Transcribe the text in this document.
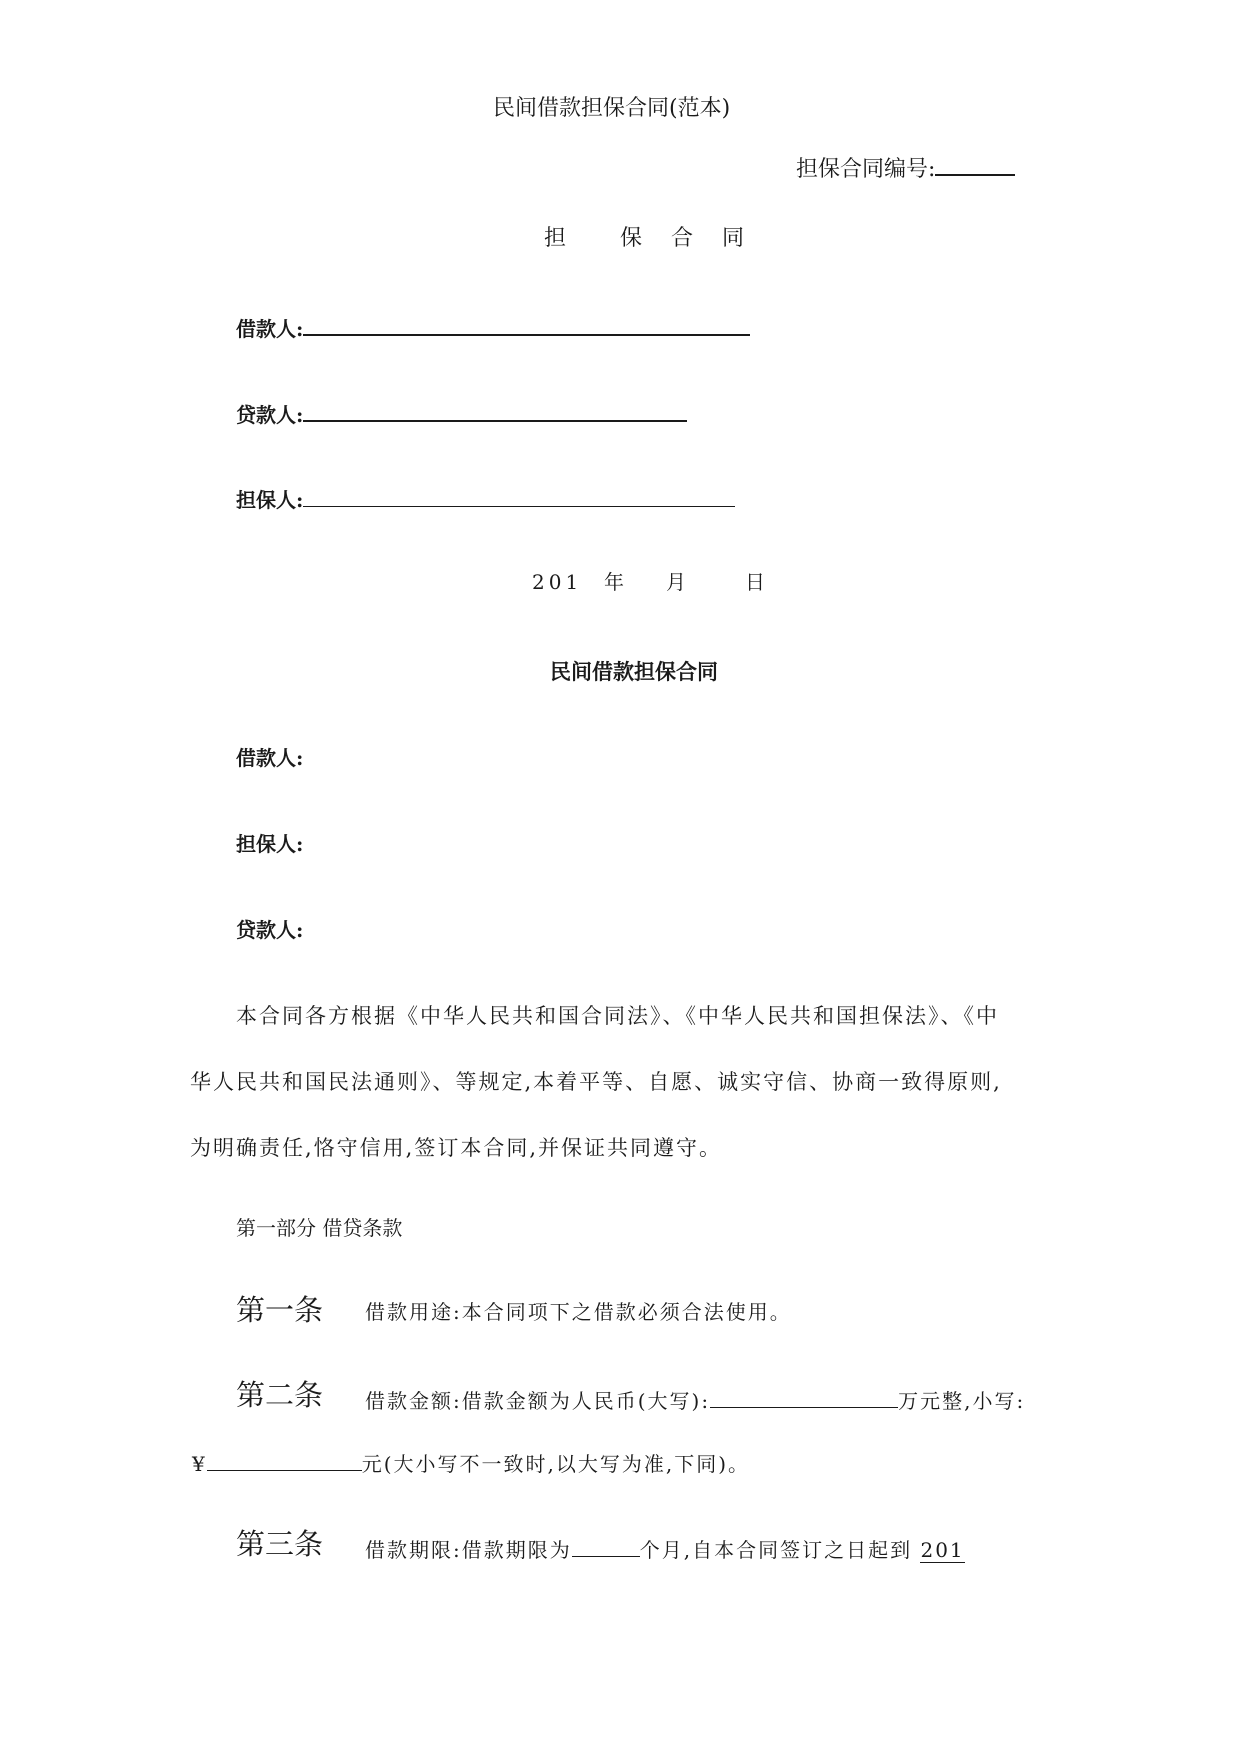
民间借款担保合同(范本)
担保合同编号:
担 保 合 同
借款人:
贷款人:
担保人:
201 年 月	日
民间借款担保合同
借款人:
担保人:
贷款人:
本合同各方根据《中华人民共和国合同法》、《中华人民共和国担保法》、《中
华人民共和国民法通则》、等规定,本着平等、自愿、诚实守信、协商一致得原则,
为明确责任,恪守信用,签订本合同,并保证共同遵守。
第一部分 借贷条款
第一条 借款用途:本合同项下之借款必须合法使用。
第二条 借款金额:借款金额为人民币(大写):	万元整,小写:
¥	元(大小写不一致时,以大写为准,下同)。
第三条 借款期限:借款期限为	个月,自本合同签订之日起到 201
